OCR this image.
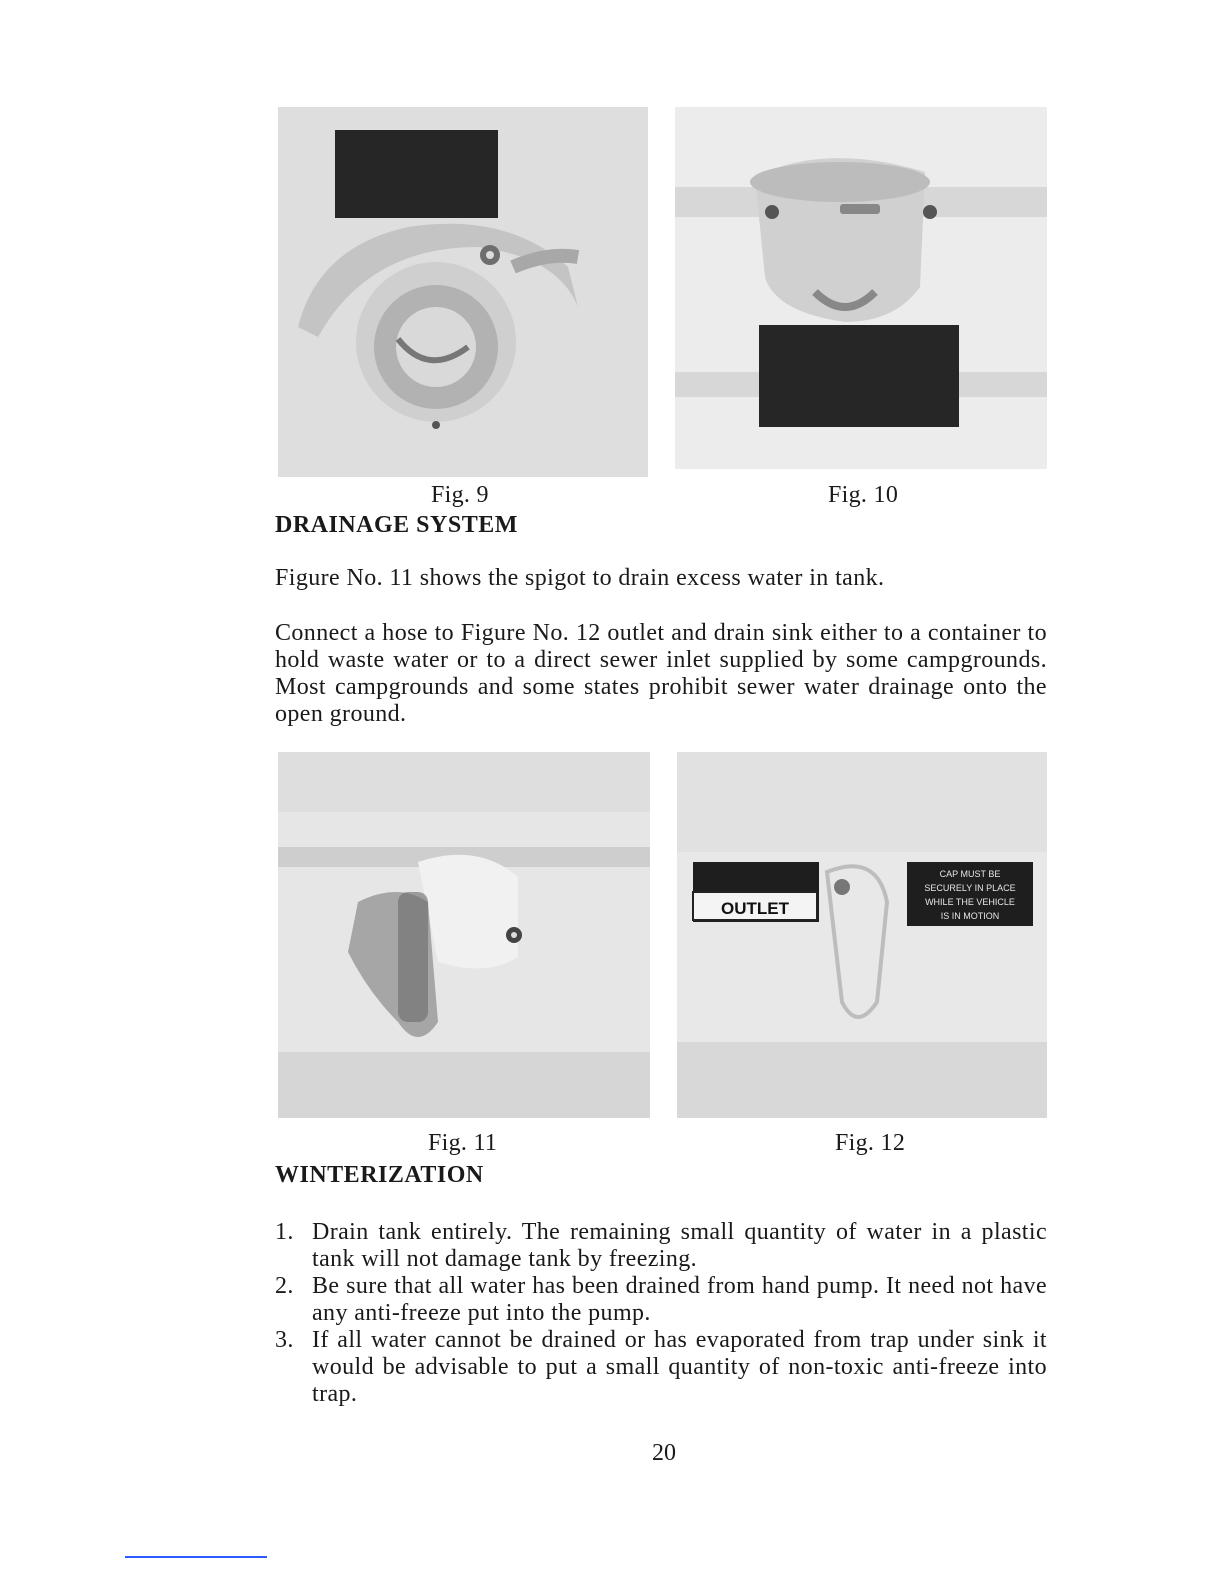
Fig. 9	Fig. 10
DRAINAGE SYSTEM

Figure No. 11 shows the spigot to drain excess water in tank.

Connect a hose to Figure No. 12 outlet and drain sink either to a container to hold waste water or to a direct sewer inlet supplied by some campgrounds. Most campgrounds and some states prohibit sewer water drainage onto the open ground.

Fig. 11
OUTLET
CAP MUST BE
SECURELY IN PLACE
WHILE THE VEHICLE
IS IN MOTION
Fig. 12
WINTERIZATION
1. Drain tank entirely. The remaining small quantity of water in a plastic tank will not damage tank by freezing.
2. Be sure that all water has been drained from hand pump. It need not have any anti-freeze put into the pump.
3. If all water cannot be drained or has evaporated from trap under sink it would be advisable to put a small quantity of non-toxic anti-freeze into trap.
20
